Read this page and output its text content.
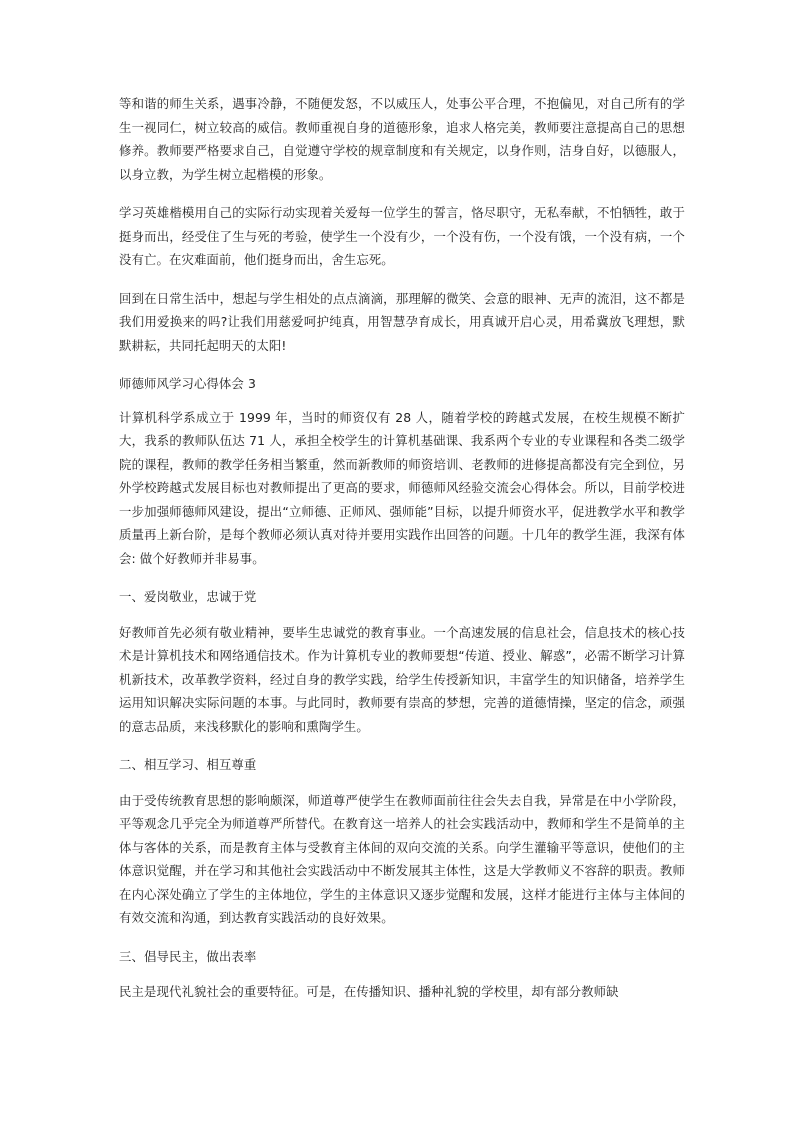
等和谐的师生关系，遇事冷静，不随便发怒，不以威压人，处事公平合理，不抱偏见，对自己所有的学生一视同仁，树立较高的威信。教师重视自身的道德形象，追求人格完美，教师要注意提高自己的思想修养。教师要严格要求自己，自觉遵守学校的规章制度和有关规定，以身作则，洁身自好，以德服人，以身立教，为学生树立起楷模的形象。

学习英雄楷模用自己的实际行动实现着关爱每一位学生的誓言，恪尽职守，无私奉献，不怕牺牲，敢于挺身而出，经受住了生与死的考验，使学生一个没有少，一个没有伤，一个没有饿，一个没有病，一个没有亡。在灾难面前，他们挺身而出，舍生忘死。

回到在日常生活中，想起与学生相处的点点滴滴，那理解的微笑、会意的眼神、无声的流泪，这不都是我们用爱换来的吗?让我们用慈爱呵护纯真，用智慧孕育成长，用真诚开启心灵，用希冀放飞理想，默默耕耘，共同托起明天的太阳!

师德师风学习心得体会 3

计算机科学系成立于 1999 年，当时的师资仅有 28 人，随着学校的跨越式发展，在校生规模不断扩大，我系的教师队伍达 71 人，承担全校学生的计算机基础课、我系两个专业的专业课程和各类二级学院的课程，教师的教学任务相当繁重，然而新教师的师资培训、老教师的进修提高都没有完全到位，另外学校跨越式发展目标也对教师提出了更高的要求，师德师风经验交流会心得体会。所以，目前学校进一步加强师德师风建设，提出“立师德、正师风、强师能”目标，以提升师资水平，促进教学水平和教学质量再上新台阶，是每个教师必须认真对待并要用实践作出回答的问题。十几年的教学生涯，我深有体会: 做个好教师并非易事。

一、爱岗敬业，忠诚于党

好教师首先必须有敬业精神，要毕生忠诚党的教育事业。一个高速发展的信息社会，信息技术的核心技术是计算机技术和网络通信技术。作为计算机专业的教师要想“传道、授业、解惑”，必需不断学习计算机新技术，改革教学资料，经过自身的教学实践，给学生传授新知识，丰富学生的知识储备，培养学生运用知识解决实际问题的本事。与此同时，教师要有崇高的梦想，完善的道德情操，坚定的信念，顽强的意志品质，来浅移默化的影响和熏陶学生。

二、相互学习、相互尊重

由于受传统教育思想的影响颇深，师道尊严使学生在教师面前往往会失去自我，异常是在中小学阶段，平等观念几乎完全为师道尊严所替代。在教育这一培养人的社会实践活动中，教师和学生不是简单的主体与客体的关系，而是教育主体与受教育主体间的双向交流的关系。向学生灌输平等意识，使他们的主体意识觉醒，并在学习和其他社会实践活动中不断发展其主体性，这是大学教师义不容辞的职责。教师在内心深处确立了学生的主体地位，学生的主体意识又逐步觉醒和发展，这样才能进行主体与主体间的有效交流和沟通，到达教育实践活动的良好效果。

三、倡导民主，做出表率

民主是现代礼貌社会的重要特征。可是，在传播知识、播种礼貌的学校里，却有部分教师缺
